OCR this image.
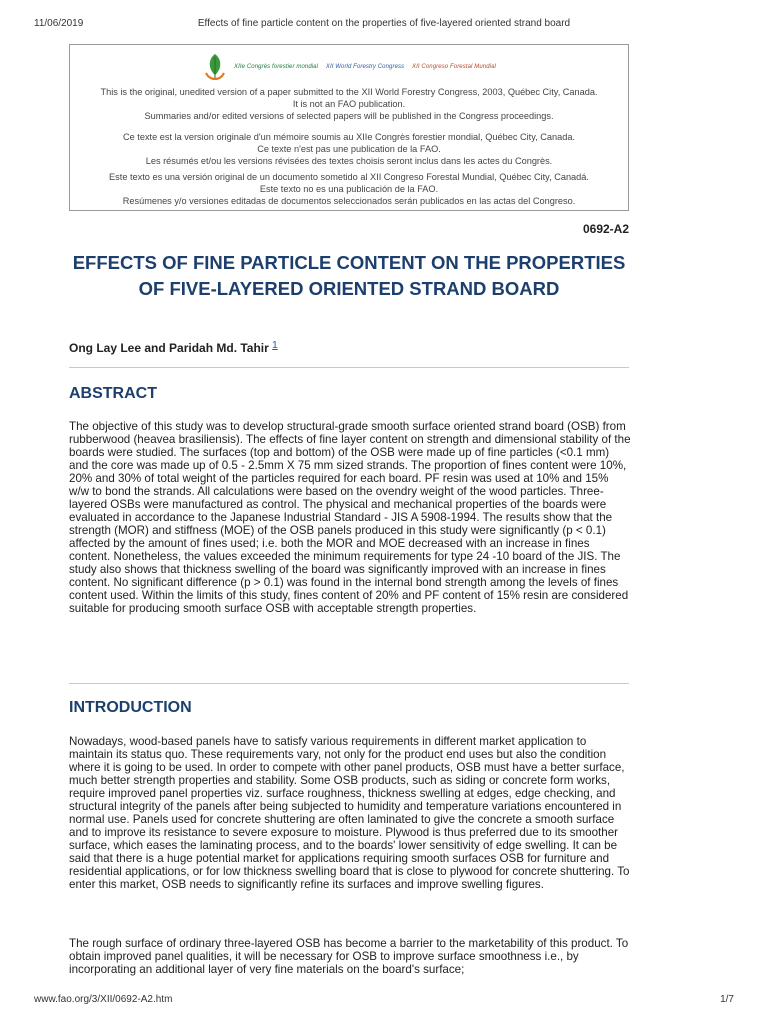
11/06/2019	Effects of fine particle content on the properties of five-layered oriented strand board
XIIe Congrès forestier mondial XII World Forestry Congress XII Congreso Forestal Mundial
This is the original, unedited version of a paper submitted to the XII World Forestry Congress, 2003, Québec City, Canada.
It is not an FAO publication.
Summaries and/or edited versions of selected papers will be published in the Congress proceedings.
Ce texte est la version originale d'un mémoire soumis au XIIe Congrès forestier mondial, Québec City, Canada.
Ce texte n'est pas une publication de la FAO.
Les résumés et/ou les versions révisées des textes choisis seront inclus dans les actes du Congrès.
Este texto es una versión original de un documento sometido al XII Congreso Forestal Mundial, Québec City, Canadá.
Este texto no es una publicación de la FAO.
Resúmenes y/o versiones editadas de documentos seleccionados serán publicados en las actas del Congreso.
0692-A2
EFFECTS OF FINE PARTICLE CONTENT ON THE PROPERTIES OF FIVE-LAYERED ORIENTED STRAND BOARD
Ong Lay Lee and Paridah Md. Tahir $^1$
ABSTRACT

The objective of this study was to develop structural-grade smooth surface oriented strand board (OSB) from rubberwood (heavea brasiliensis). The effects of fine layer content on strength and dimensional stability of the boards were studied. The surfaces (top and bottom) of the OSB were made up of fine particles (<0.1 mm) and the core was made up of 0.5 - 2.5mm X 75 mm sized strands. The proportion of fines content were 10%, 20% and 30% of total weight of the particles required for each board. PF resin was used at 10% and 15% w/w to bond the strands. All calculations were based on the ovendry weight of the wood particles. Three-layered OSBs were manufactured as control. The physical and mechanical properties of the boards were evaluated in accordance to the Japanese Industrial Standard - JIS A 5908-1994. The results show that the strength (MOR) and stiffness (MOE) of the OSB panels produced in this study were significantly (p < 0.1) affected by the amount of fines used; i.e. both the MOR and MOE decreased with an increase in fines content. Nonetheless, the values exceeded the minimum requirements for type 24 -10 board of the JIS. The study also shows that thickness swelling of the board was significantly improved with an increase in fines content. No significant difference (p > 0.1) was found in the internal bond strength among the levels of fines content used. Within the limits of this study, fines content of 20% and PF content of 15% resin are considered suitable for producing smooth surface OSB with acceptable strength properties.

INTRODUCTION

Nowadays, wood-based panels have to satisfy various requirements in different market application to maintain its status quo. These requirements vary, not only for the product end uses but also the condition where it is going to be used. In order to compete with other panel products, OSB must have a better surface, much better strength properties and stability. Some OSB products, such as siding or concrete form works, require improved panel properties viz. surface roughness, thickness swelling at edges, edge checking, and structural integrity of the panels after being subjected to humidity and temperature variations encountered in normal use. Panels used for concrete shuttering are often laminated to give the concrete a smooth surface and to improve its resistance to severe exposure to moisture. Plywood is thus preferred due to its smoother surface, which eases the laminating process, and to the boards' lower sensitivity of edge swelling. It can be said that there is a huge potential market for applications requiring smooth surfaces OSB for furniture and residential applications, or for low thickness swelling board that is close to plywood for concrete shuttering. To enter this market, OSB needs to significantly refine its surfaces and improve swelling figures.

The rough surface of ordinary three-layered OSB has become a barrier to the marketability of this product. To obtain improved panel qualities, it will be necessary for OSB to improve surface smoothness i.e., by incorporating an additional layer of very fine materials on the board's surface;

www.fao.org/3/XII/0692-A2.htm	1/7
